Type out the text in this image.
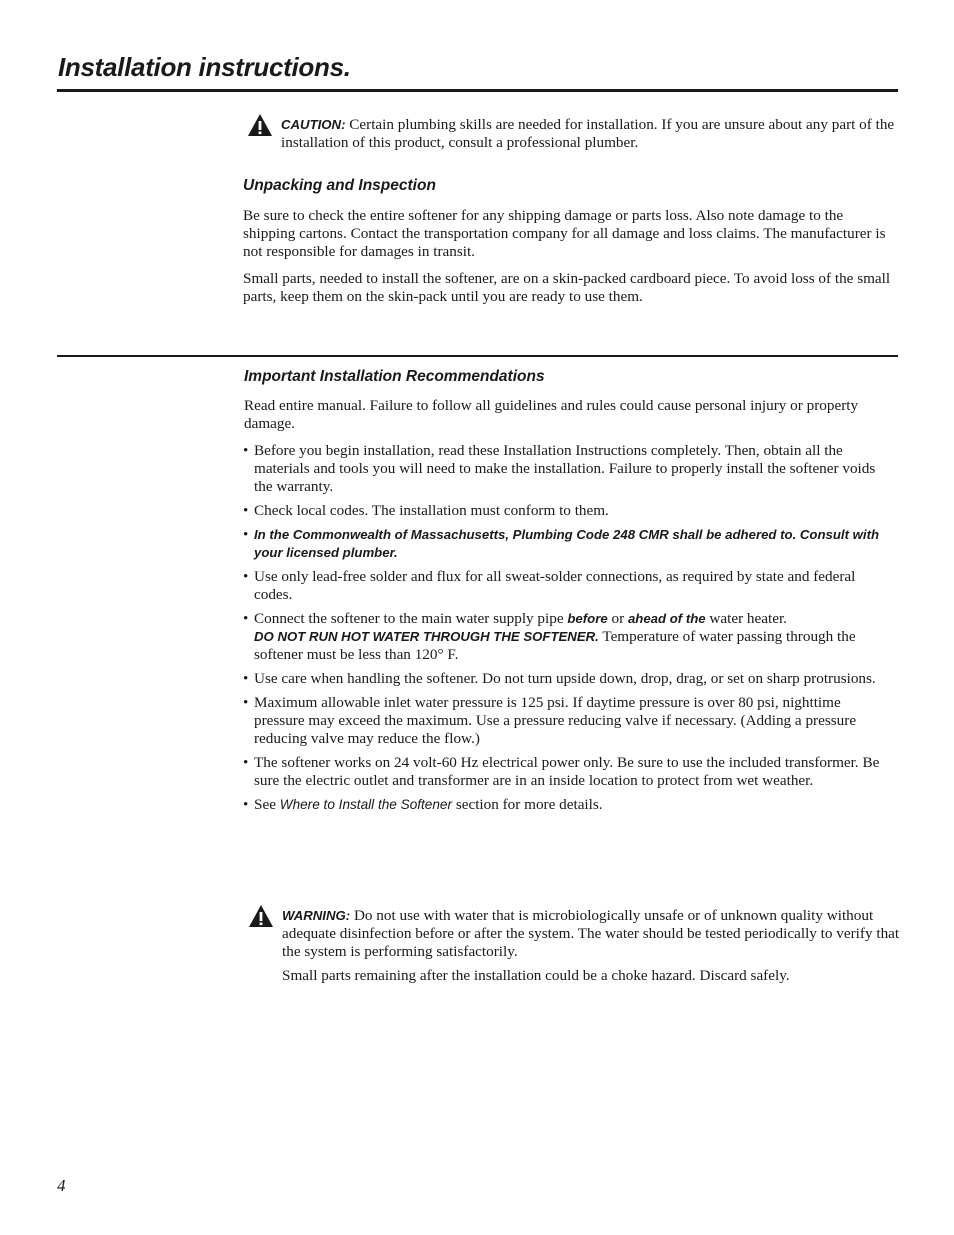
Installation instructions.

CAUTION: Certain plumbing skills are needed for installation. If you are unsure about any part of the installation of this product, consult a professional plumber.

Unpacking and Inspection

Be sure to check the entire softener for any shipping damage or parts loss. Also note damage to the shipping cartons. Contact the transportation company for all damage and loss claims. The manufacturer is not responsible for damages in transit.

Small parts, needed to install the softener, are on a skin-packed cardboard piece. To avoid loss of the small parts, keep them on the skin-pack until you are ready to use them.

Important Installation Recommendations

Read entire manual. Failure to follow all guidelines and rules could cause personal injury or property damage.

• Before you begin installation, read these Installation Instructions completely. Then, obtain all the materials and tools you will need to make the installation. Failure to properly install the softener voids the warranty.
• Check local codes. The installation must conform to them.
• In the Commonwealth of Massachusetts, Plumbing Code 248 CMR shall be adhered to. Consult with your licensed plumber.
• Use only lead-free solder and flux for all sweat-solder connections, as required by state and federal codes.
• Connect the softener to the main water supply pipe before or ahead of the water heater.
DO NOT RUN HOT WATER THROUGH THE SOFTENER. Temperature of water passing through the softener must be less than 120° F.
• Use care when handling the softener. Do not turn upside down, drop, drag, or set on sharp protrusions.
• Maximum allowable inlet water pressure is 125 psi. If daytime pressure is over 80 psi, nighttime pressure may exceed the maximum. Use a pressure reducing valve if necessary. (Adding a pressure reducing valve may reduce the flow.)
• The softener works on 24 volt-60 Hz electrical power only. Be sure to use the included transformer. Be sure the electric outlet and transformer are in an inside location to protect from wet weather.
• See Where to Install the Softener section for more details.

WARNING: Do not use with water that is microbiologically unsafe or of unknown quality without adequate disinfection before or after the system. The water should be tested periodically to verify that the system is performing satisfactorily.

Small parts remaining after the installation could be a choke hazard. Discard safely.

4
